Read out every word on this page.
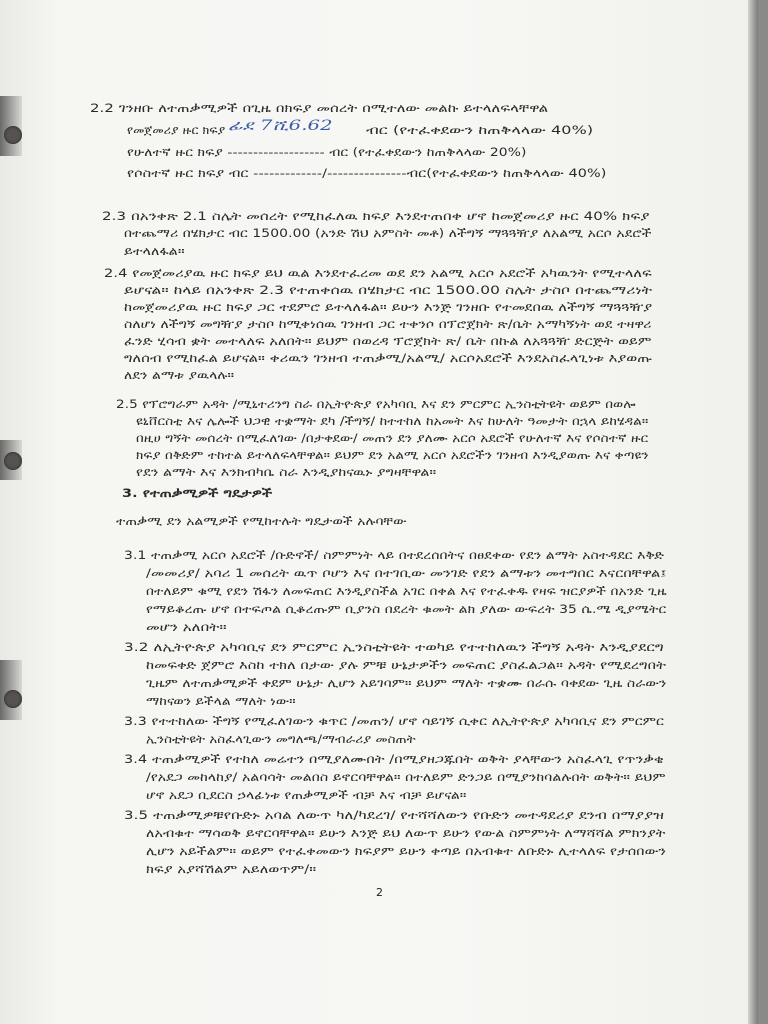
2.2 ገንዘቡ ለተጠቃሚዎች በጊዜ በክፍያ መሰረት በሚተለው መልኩ ይተላለፍላቸዋል
የመጀመሪያ ዙር ክፍያ ፊደ 7ሺ6.62	ብር (የተፈቀደውን ከጠቅላላው 40%)
የሁለተኛ ዙር ክፍያ ------------------- ብር (የተፈቀደውን ከጠቅላላው 20%)
የሶስተኛ ዙር ክፍያ ብር -------------/---------------ብር(የተፈቀደውን ከጠቅላላው 40%)
2.3 በአንቀጽ 2.1 ስሌት መሰረት የሚከፈለዉ ክፍያ እንደተጠበቀ ሆኖ ከመጀመሪያ ዙር 40% ክፍያ
በተጨማሪ በሄክታር ብር 1500.00 (አንድ ሽህ አምስት መቶ) ለችግኝ ማጓጓዥያ ለአልሚ አርሶ አደሮች
ይተላለፋል።
2.4 የመጀመሪያዉ ዙር ክፍያ ይህ ዉል እንደተፈረመ ወደ ደን አልሚ አርሶ አደሮች አካዉንት የሚተላለፍ
ይሆናል። ከላይ በአንቀጽ 2.3 የተጠቀሰዉ በሄክታር ብር 1500.00 ስሌት ታስቦ በተጨማሪነት
ከመጀመሪያዉ ዙር ክፍያ ጋር ተደምሮ ይተላለፋል። ይሁን እንጅ ገንዘቡ የተመደበዉ ለችግኝ ማጓጓዥያ
ስለሆነ ለችግኝ መግዥያ ታስቦ ከሚቀነሰዉ ገንዘብ ጋር ተቀንሶ በፕሮጀክት ጽ/ቤት አማካኝነት ወደ ተዛዋሪ
ፈንድ ሂሳብ ቋት መተላለፍ አለበት። ይህም በወረዳ ፕሮጀክት ጽ/ ቤት በኩል ለአጓጓዥ ድርጅት ወይም
ግለሰብ የሚከፈል ይሆናል። ቀሪዉን ገንዘብ ተጠቃሚ/አልሚ/ አርሶአደሮች እንደአስፈላጊነቱ እያወጡ
ለደን ልማቱ ያዉላሉ።
2.5 የፕሮግራም አዳት /ሚኒተሪንግ ስራ በኢትዮጵያ የአካባቢ እና ደን ምርምር ኢንስቲትዩት ወይም በወሎ
ዩኒቨርስቲ እና ሌሎች ህጋዊ ተቋማት ደካ /ችግኝ/ ከተተከለ ከአመት እና ከሁለት ዓመታት በኋላ ይከሄዳል።
በዚሀ ግኝት መሰረት በሚፈለገው /በታቀደው/ መጠን ደን ያለሙ አርሶ አደሮች የሁለተኛ እና የሶስተኛ ዙር
ክፍያ በቅድም ተከተል ይተላለፍላቸዋል። ይህም ደን አልሚ አርሶ አደሮችን ገንዘብ እንዲያወጡ እና ቀጣዩን
የደን ልማት እና እንክብካቤ ስራ እንዲያከናዉኑ ያግዛቸዋል።
3. የተጠቃሚዎች ግዴታዎች
ተጠቃሚ ደን አልሚዎች የሚከተሉት ግዴታወች አሉባቸው
3.1 ተጠቃሚ አርሶ አደሮች /ቡድኖች/ ስምምነት ላይ በተደረሰበትና በፀደቀው የደን ልማት አስተዳደር እቅድ
/መመሪያ/ አባሪ 1 መሰረት ዉጥ ቦሆን እና በተገቢው መንገድ የደን ልማቱን መተግበር እናርበቸዋል፤
በተለይም ቁሚ የደን ሽፋን ለመፍጠር እንዲያስችል አገር በቀል እና የተፈቀዱ የዛፍ ዝርያዎች በአንድ ጊዜ
የማይቆረጡ ሆኖ በተፍጦል ሲቆረጡም ቢያንስ በደረት ቁመት ልክ ያለው ውፍረት 35 ሴ.ሜ ዲያሜትር
መሆን አለበት።
3.2 ለኢትዮጵያ አካባቢና ደን ምርምር ኢንስቲትዩት ተወካይ የተተከለዉን ችግኝ አዳት እንዲያደርግ
ከመፍቀድ ጀምሮ እስከ ተክለ በታው ያሉ ምቹ ሁኔታዎችን መፍጠር ያስፈልጋል። አዳት የሚደረግበት
ጊዜም ለተጠቃሚዎች ቀደም ሁኔታ ሊሆን አይገባም። ይህም ማለት ተቋሙ በራሱ ባቀደው ጊዜ ስራውን
ማከናወን ይችላል ማለት ነው።
3.3 የተተከለው ችግኝ የሚፈለገውን ቁጥር /መጠን/ ሆኖ ሳይገኝ ሲቀር ለኢትዮጵያ አካባቢና ደን ምርምር
ኢንስቲትዩት አስፈላጊውን መግለጫ/ማብራሪያ መስጠት
3.4 ተጠቃሚዎች የተከለ መሬተን በሚያለሙበት /በሚያዘጋጁበት ወቅት ያላቸውን አስፈላጊ የጥንቃቄ
/የአደጋ መከላከያ/ አልባሳት መልበስ ይኖርባቸዋል። በተለይም ድንጋይ በሚያንከባልሉበት ወቅት። ይህም
ሆኖ አደጋ ቢደርስ ኃላፊነቱ የጠቃሚዎች ብቻ እና ብቻ ይሆናል።
3.5 ተጠቃሚዎቹየቡድኑ አባል ለውጥ ካለ/ካደረገ/ የተሻሻለውን የቡድን መተዳደሪያ ደንብ በማያያዝ
ለአብቁተ ማሳወቅ ይኖርባቸዋል። ይሁን እንጅ ይህ ለውጥ ይሁን የውል ስምምነት ለማሻሻል ምክንያት
ሊሆን አይችልም። ወይም የተፈቀመውን ክፍያም ይሁን ቀጣይ በአብቁተ ለቡድኑ ሊተላለፍ የታሰበውን
ክፍያ አያሻሽልም አይለወጥም/።
2
